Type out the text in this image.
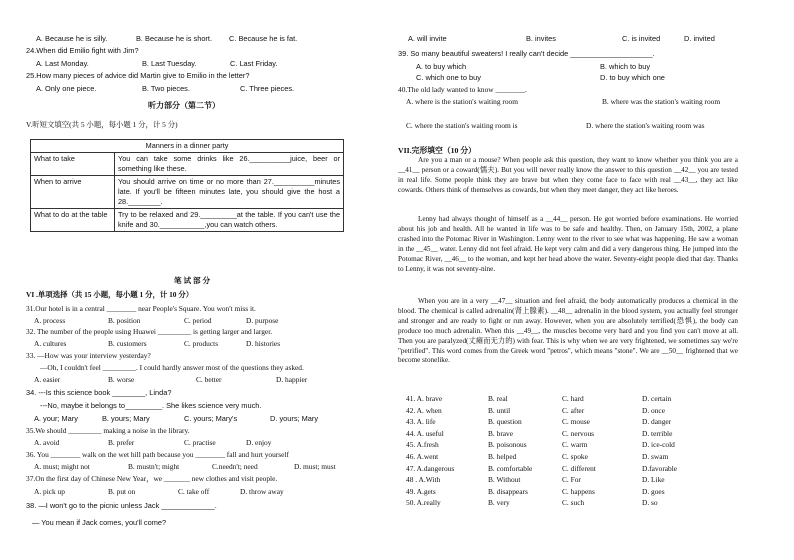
A. Because he is silly.	B. Because he is short. C. Because he is fat.
24.When did Emilio fight with Jim?
A. Last Monday.	B. Last Tuesday.	C. Last Friday.
25.How many pieces of advice did Martin give to Emilio in the letter?
A. Only one piece.	B. Two pieces.	C. Three pieces.
听力部分（第二节）
V.听短文填空(共 5 小题，每小题 1 分，计 5 分)
Manners in a dinner party	
What to take	You can take some drinks like 26.__________juice, beer or something like these.
When to arrive	You should arrive on time or no more than 27.__________minutes late. If you'll be fifteen minutes late, you should give the host a 28.________.
What to do at the table	Try to be relaxed and 29._________at the table. If you can't use the knife and 30.___________,you can watch others.
笔 试 部 分
VI .单项选择（共 15 小题，每小题 1 分，计 10 分）
31.Our hotel is in a central ________ near People's Square. You won't miss it.
A. process	B. position	C. period	D. purpose
32. The number of the people using Huawei _________ is getting larger and larger.
A. cultures	B. customers	C. products	D. histories
33. —How was your interview yesterday?
—Oh, I couldn't feel _________. I could hardly answer most of the questions they asked.
A. easier	B. worse	C. better	D. happier
34. ---Is this science book ________, Linda?
---No, maybe it belongs to_________. She likes science very much.
A. your; Mary	B. yours; Mary	C. yours; Mary's	D. yours; Mary
35.We should _________ making a noise in the library.
A. avoid	B. prefer	C. practise	D. enjoy
36. You ________ walk on the wet hill path because you ________ fall and hurt yourself
A. must; might not	B. mustn't; might	C.needn't; need	D. must; must
37.On the first day of Chinese New Year，we _______ new clothes and visit people.
A. pick up	B. put on	C. take off	D. throw away
38. —I won't go to the picnic unless Jack _____________.
— You mean if Jack comes, you'll come?
A. will invite	B. invites	C. is invited	D. invited
39. So many beautiful sweaters! I really can't decide ____________________.
A. to buy which	B. which to buy
C. which one to buy	D. to buy which one
40.The old lady wanted to know ________.
A. where is the station's waiting room	B. where was the station's waiting room
C. where the station's waiting room is	D. where the station's waiting room was
VII.完形填空（10 分）
Are you a man or a mouse? When people ask this question, they want to know whether you think you are a __41__ person or a coward(懦夫). But you will never really know the answer to this question __42__ you are tested in real life. Some people think they are brave but when they come face to face with real __43__, they act like cowards. Others think of themselves as cowards, but when they meet danger, they act like heroes.
Lenny had always thought of himself as a __44__ person. He got worried before examinations. He worried about his job and health. All he wanted in life was to be safe and healthy. Then, on January 15th, 2002, a plane crashed into the Potomac River in Washington. Lenny went to the river to see what was happening. He saw a woman in the __45__ water. Lenny did not feel afraid. He kept very calm and did a very dangerous thing. He jumped into the Potomac River, __46__ to the woman, and kept her head above the water. Seventy-eight people died that day. Thanks to Lenny, it was not seventy-nine.
When you are in a very __47__ situation and feel afraid, the body automatically produces a chemical in the blood. The chemical is called adrenalin(肾上腺素). __48__ adrenalin in the blood system, you actually feel stronger and stronger and are ready to fight or run away. However, when you are absolutely terrified(恐惧), the body can produce too much adrenalin. When this __49__, the muscles become very hard and you find you can't move at all. Then you are paralyzed(丈瘫而无力的) with fear. This is why when we are very frightened, we sometimes say we're "petrified". This word comes from the Greek word "petros", which means "stone". We are __50__ frightened that we become stonelike.
41. A. brave	B. real	C. hard	D. certain
42. A. when	B. until	C. after	D. once
43. A. life	B. question	C. mouse	D. danger
44. A. useful	B. brave	C. nervous	D. terrible
45. A.fresh	B. poisonous	C. warm	D. ice-cold
46. A.went	B. helped	C. spoke	D. swam
47. A.dangerous	B. comfortable	C. different	D.favorable
48 . A.With	B. Without	C. For	D. Like
49. A.gets	B. disappears	C. happens	D. goes
50. A.really	B. very	C. such	D. so
